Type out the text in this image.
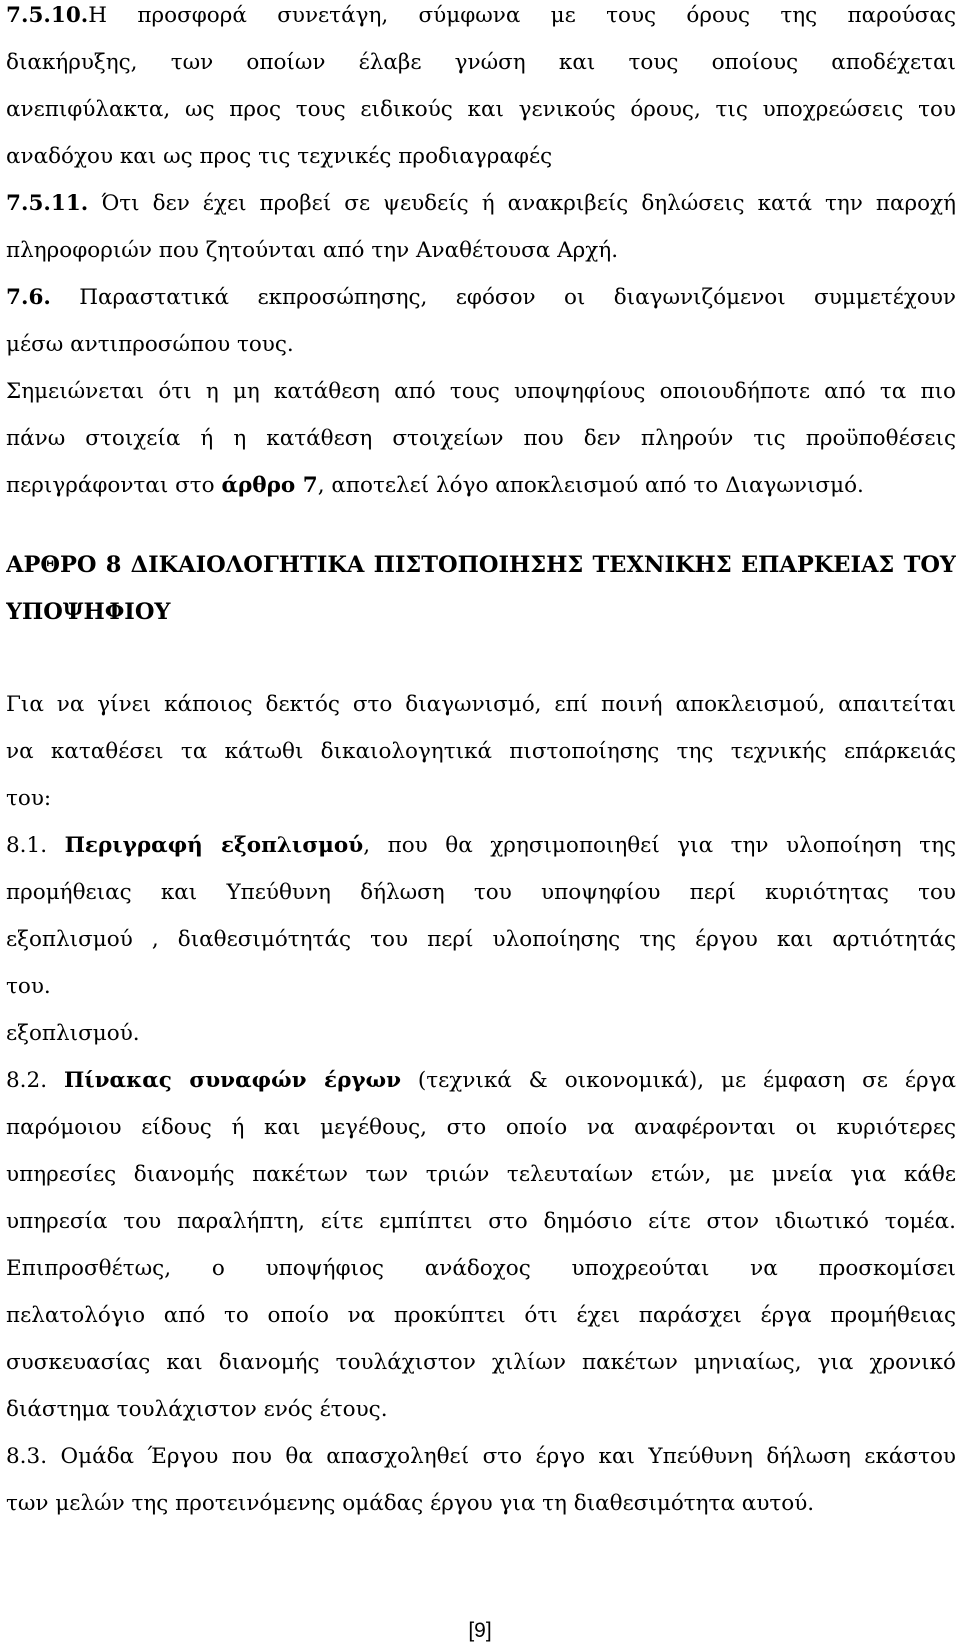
7.5.10.Η προσφορά συνετάγη, σύμφωνα με τους όρους της παρούσας
διακήρυξης, των οποίων έλαβε γνώση και τους οποίους αποδέχεται
ανεπιφύλακτα, ως προς τους ειδικούς και γενικούς όρους, τις υποχρεώσεις του
αναδόχου και ως προς τις τεχνικές προδιαγραφές
7.5.11. Ότι δεν έχει προβεί σε ψευδείς ή ανακριβείς δηλώσεις κατά την παροχή
πληροφοριών που ζητούνται από την Αναθέτουσα Αρχή.
7.6. Παραστατικά εκπροσώπησης, εφόσον οι διαγωνιζόμενοι συμμετέχουν
μέσω αντιπροσώπου τους.
Σημειώνεται ότι η μη κατάθεση από τους υποψηφίους οποιουδήποτε από τα πιο
πάνω στοιχεία ή η κατάθεση στοιχείων που δεν πληρούν τις προϋποθέσεις
περιγράφονται στο άρθρο 7, αποτελεί λόγο αποκλεισμού από το Διαγωνισμό.
ΑΡΘΡΟ 8 ΔΙΚΑΙΟΛΟΓΗΤΙΚΑ ΠΙΣΤΟΠΟΙΗΣΗΣ ΤΕΧΝΙΚΗΣ ΕΠΑΡΚΕΙΑΣ ΤΟΥ
ΥΠΟΨΗΦΙΟΥ
Για να γίνει κάποιος δεκτός στο διαγωνισμό, επί ποινή αποκλεισμού, απαιτείται
να καταθέσει τα κάτωθι δικαιολογητικά πιστοποίησης της τεχνικής επάρκειάς
του:
8.1. Περιγραφή εξοπλισμού, που θα χρησιμοποιηθεί για την υλοποίηση της
προμήθειας και Υπεύθυνη δήλωση του υποψηφίου περί κυριότητας του
εξοπλισμού , διαθεσιμότητάς του περί υλοποίησης της έργου και αρτιότητάς
του.
εξοπλισμού.
8.2. Πίνακας συναφών έργων (τεχνικά & οικονομικά), με έμφαση σε έργα
παρόμοιου είδους ή και μεγέθους, στο οποίο να αναφέρονται οι κυριότερες
υπηρεσίες διανομής πακέτων των τριών τελευταίων ετών, με μνεία για κάθε
υπηρεσία του παραλήπτη, είτε εμπίπτει στο δημόσιο είτε στον ιδιωτικό τομέα.
Επιπροσθέτως, ο υποψήφιος ανάδοχος υποχρεούται να προσκομίσει
πελατολόγιο από το οποίο να προκύπτει ότι έχει παράσχει έργα προμήθειας
συσκευασίας και διανομής τουλάχιστον χιλίων πακέτων μηνιαίως, για χρονικό
διάστημα τουλάχιστον ενός έτους.
8.3. Ομάδα Έργου που θα απασχοληθεί στο έργο και Υπεύθυνη δήλωση εκάστου
των μελών της προτεινόμενης ομάδας έργου για τη διαθεσιμότητα αυτού.
[9]
